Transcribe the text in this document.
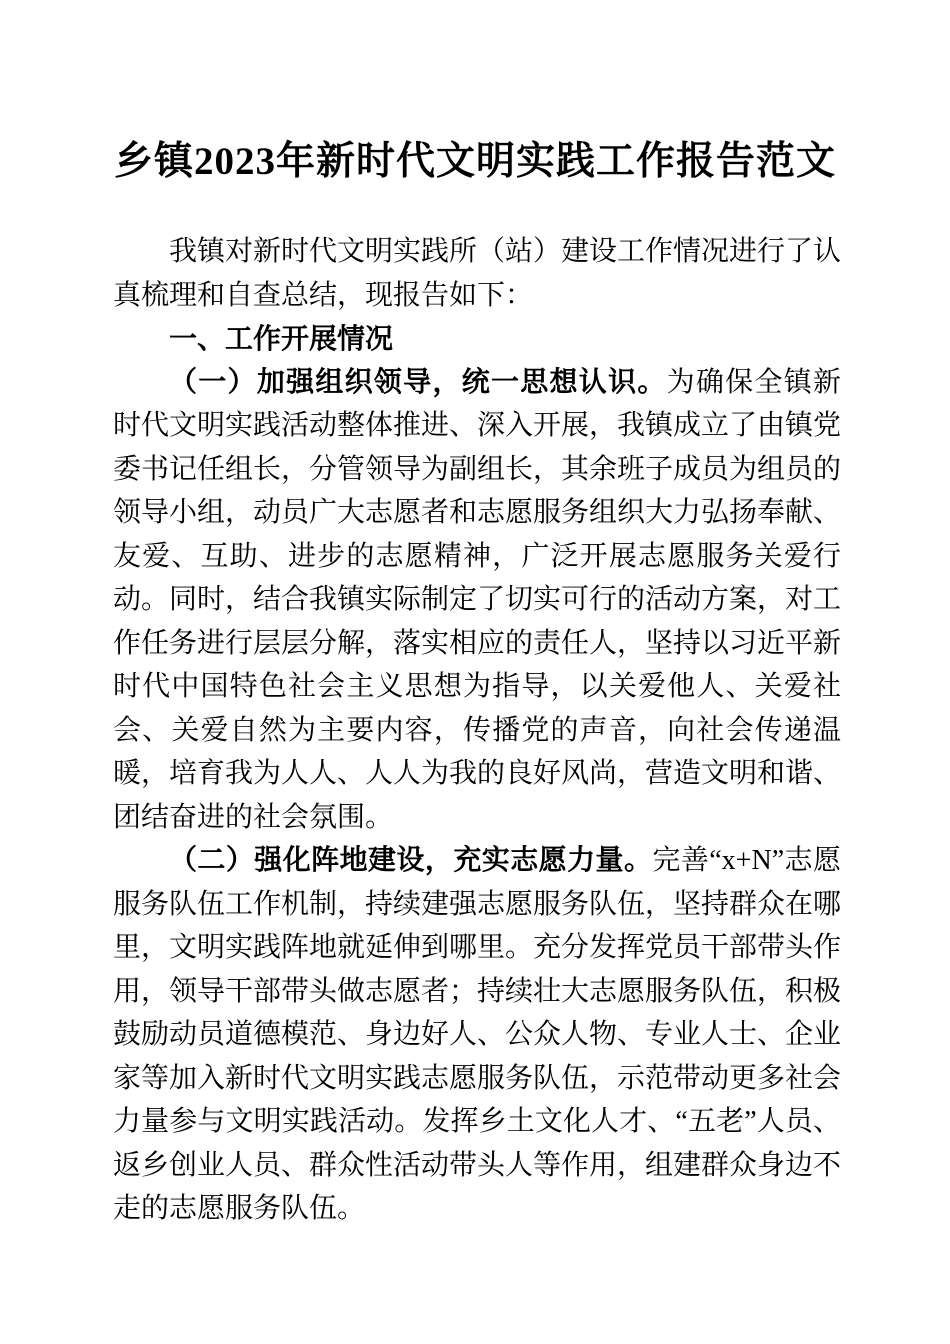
乡镇2023年新时代文明实践工作报告范文

我镇对新时代文明实践所（站）建设工作情况进行了认真梳理和自查总结，现报告如下：

一、工作开展情况

（一）加强组织领导，统一思想认识。为确保全镇新时代文明实践活动整体推进、深入开展，我镇成立了由镇党委书记任组长，分管领导为副组长，其余班子成员为组员的领导小组，动员广大志愿者和志愿服务组织大力弘扬奉献、友爱、互助、进步的志愿精神，广泛开展志愿服务关爱行动。同时，结合我镇实际制定了切实可行的活动方案，对工作任务进行层层分解，落实相应的责任人，坚持以习近平新时代中国特色社会主义思想为指导，以关爱他人、关爱社会、关爱自然为主要内容，传播党的声音，向社会传递温暖，培育我为人人、人人为我的良好风尚，营造文明和谐、团结奋进的社会氛围。

（二）强化阵地建设，充实志愿力量。完善“x+N”志愿服务队伍工作机制，持续建强志愿服务队伍，坚持群众在哪里，文明实践阵地就延伸到哪里。充分发挥党员干部带头作用，领导干部带头做志愿者；持续壮大志愿服务队伍，积极鼓励动员道德模范、身边好人、公众人物、专业人士、企业家等加入新时代文明实践志愿服务队伍，示范带动更多社会力量参与文明实践活动。发挥乡土文化人才、“五老”人员、返乡创业人员、群众性活动带头人等作用，组建群众身边不走的志愿服务队伍。
